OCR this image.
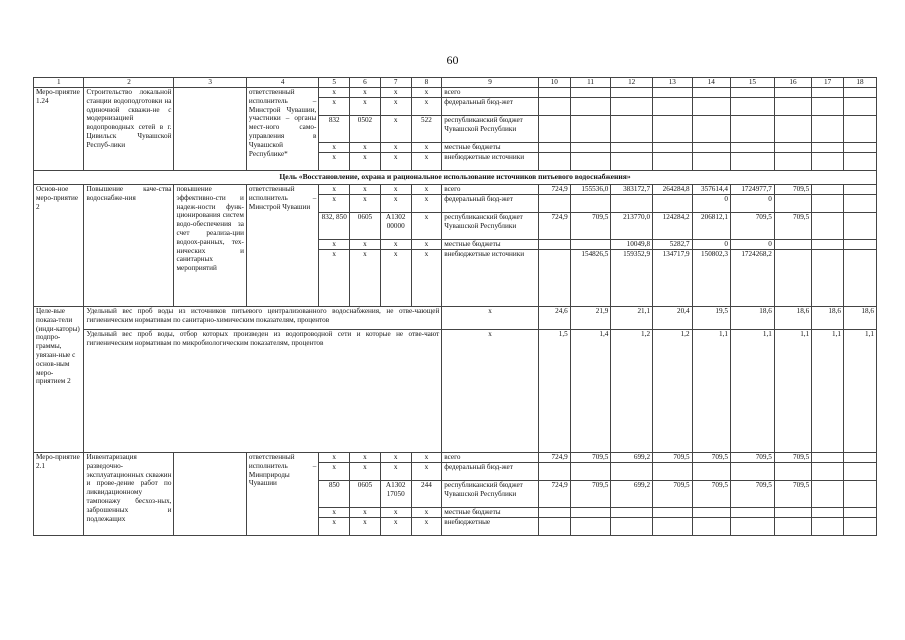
60
1	2	3	4	5	6	7	8	9	10	11	12	13	14	15	16	17	18
Меро-приятие 1.24	Строительство локальной станции водоподготовки на одиночной скважи-не с модернизацией водопроводных сетей в г. Цивильск Чувашской Респуб-лики		ответственный исполнитель – Минстрой Чувашии, участники – органы мест-ного само-управления в Чувашской Республике*	x	x	x	x	всего									
				x	x	x	x	федеральный бюд-жет									
				832	0502	x	522	республиканский бюджет Чувашской Республики									
				x	x	x	x	местные бюджеты									
				x	x	x	x	внебюджетные источники									
Цель «Восстановление, охрана и рациональное использование источников питьевого водоснабжения»																	
Основ-ное меро-приятие 2	Повышение каче-ства водоснабже-ния	повышение эффективно-сти и надеж-ности функ-ционирования систем водо-обеспечения за счет реализа-ции водоох-ранных, тех-нических и санитарных мероприятий	ответственный исполнитель – Минстрой Чувашии	x	x	x	x	всего	724,9	155536,0	383172,7	264284,8	357614,4	1724977,7	709,5		
				x	x	x	x	федеральный бюд-жет					0	0			
				832, 850	0605	A1302 00000	x	республиканский бюджет Чувашской Республики	724,9	709,5	213770,0	124284,2	206812,1	709,5	709,5		
				x	x	x	x	местные бюджеты			10049,8	5282,7	0	0			
				x	x	x	x	внебюджетные источники		154826,5	159352,9	134717,9	150802,3	1724268,2			
Целе-вые показа-тели (инди-каторы) подпро-граммы, увязан-ные с основ-ным меро-приятием 2	Удельный вес проб воды из источников питьевого централизованного водоснабжения, не отве-чающей гигиеническим нормативам по санитарно-химическим показателям, процентов							x	24,6	21,9	21,1	20,4	19,5	18,6	18,6	18,6	18,6
	Удельный вес проб воды, отбор которых произведен из водопроводной сети и которые не отве-чают гигиеническим нормативам по микробиологическим показателям, процентов							x	1,5	1,4	1,2	1,2	1,1	1,1	1,1	1,1	1,1
Меро-приятие 2.1	Инвентаризация разведочно-эксплуатационных скважин и прове-дение работ по ликвидационному тампонажу бесхоз-ных, заброшенных и подлежащих		ответственный исполнитель – Минприроды Чувашии	x	x	x	x	всего	724,9	709,5	699,2	709,5	709,5	709,5	709,5		
				x	x	x	x	федеральный бюд-жет									
				850	0605	A1302 17050	244	республиканский бюджет Чувашской Республики	724,9	709,5	699,2	709,5	709,5	709,5	709,5		
				x	x	x	x	местные бюджеты									
				x	x	x	x	внебюджетные									
